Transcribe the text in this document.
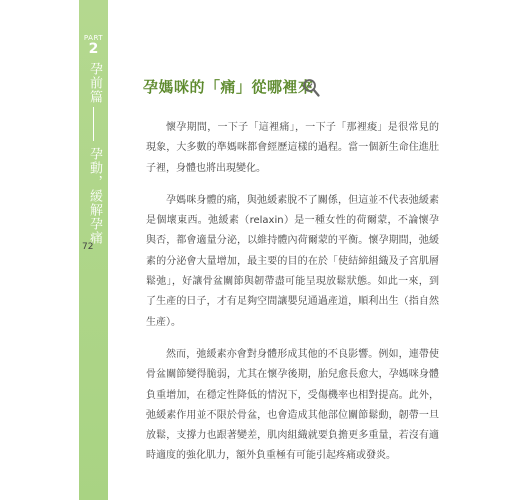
PART
2
孕前篇
孕動，緩解孕痛
72
孕媽咪的「痛」從哪裡來

懷孕期間，一下子「這裡痛」，一下子「那裡痠」是很常見的現象，大多數的準媽咪都會經歷這樣的過程。當一個新生命住進肚子裡，身體也將出現變化。

孕媽咪身體的痛，與弛緩素脫不了關係，但這並不代表弛緩素是個壞東西。弛緩素（relaxin）是一種女性的荷爾蒙，不論懷孕與否，都會適量分泌，以維持體內荷爾蒙的平衡。懷孕期間，弛緩素的分泌會大量增加，最主要的目的在於「使結締組織及子宮肌層鬆弛」，好讓骨盆關節與韌帶盡可能呈現放鬆狀態。如此一來，到了生產的日子，才有足夠空間讓嬰兒通過產道，順利出生（指自然生產）。

然而，弛緩素亦會對身體形成其他的不良影響。例如，連帶使骨盆關節變得脆弱，尤其在懷孕後期，胎兒愈長愈大，孕媽咪身體負重增加，在穩定性降低的情況下，受傷機率也相對提高。此外，弛緩素作用並不限於骨盆，也會造成其他部位關節鬆動，韌帶一旦放鬆，支撐力也跟著變差，肌肉組織就要負擔更多重量，若沒有適時適度的強化肌力，額外負重極有可能引起疼痛或發炎。
